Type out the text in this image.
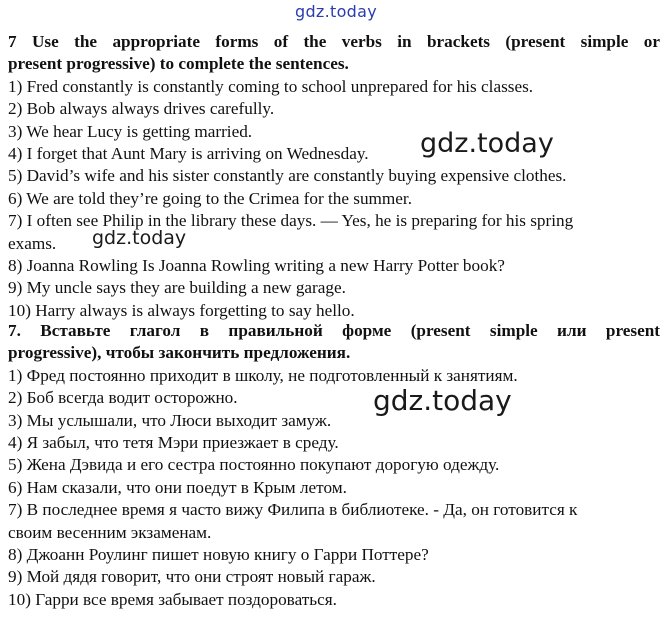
gdz.today

7 Use the appropriate forms of the verbs in brackets (present simple or

present progressive) to complete the sentences.

1) Fred constantly is constantly coming to school unprepared for his classes.

2) Bob always always drives carefully.

3) We hear Lucy is getting married.

4) I forget that Aunt Mary is arriving on Wednesday.

5) David’s wife and his sister constantly are constantly buying expensive clothes.

6) We are told they’re going to the Crimea for the summer.

7) I often see Philip in the library these days. — Yes, he is preparing for his spring

exams.

8) Joanna Rowling Is Joanna Rowling writing a new Harry Potter book?

9) My uncle says they are building a new garage.

10) Harry always is always forgetting to say hello.

7. Вставьте глагол в правильной форме (present simple или present

progressive), чтобы закончить предложения.

1) Фред постоянно приходит в школу, не подготовленный к занятиям.

2) Боб всегда водит осторожно.

3) Мы услышали, что Люси выходит замуж.

4) Я забыл, что тетя Мэри приезжает в среду.

5) Жена Дэвида и его сестра постоянно покупают дорогую одежду.

6) Нам сказали, что они поедут в Крым летом.

7) В последнее время я часто вижу Филипа в библиотеке. - Да, он готовится к

своим весенним экзаменам.

8) Джоанн Роулинг пишет новую книгу о Гарри Поттере?

9) Мой дядя говорит, что они строят новый гараж.

10) Гарри все время забывает поздороваться.

gdz.today
gdz.today
gdz.today
